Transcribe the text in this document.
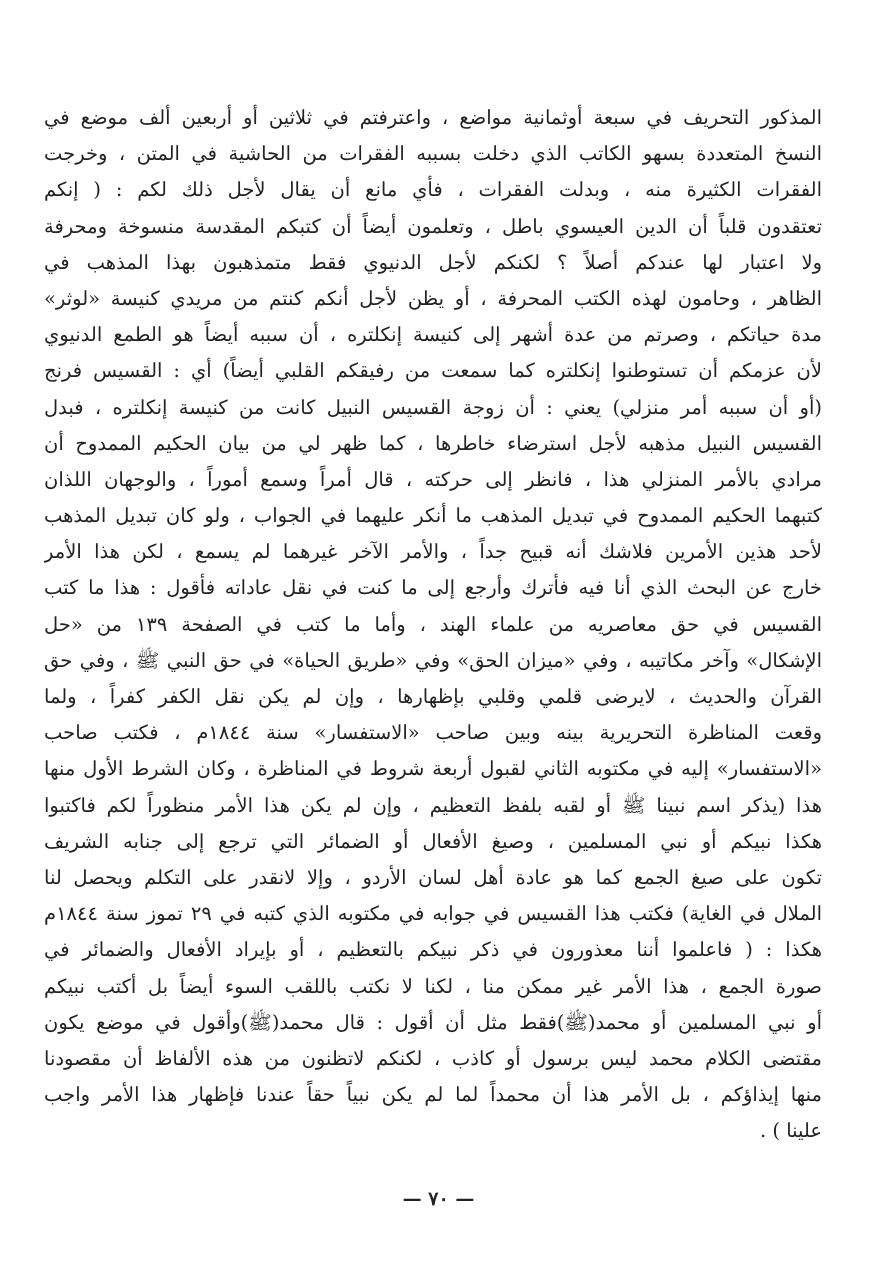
المذكور التحريف في سبعة أوثمانية مواضع ، واعترفتم في ثلاثين أو أربعين ألف موضع في
النسخ المتعددة بسهو الكاتب الذي دخلت بسببه الفقرات من الحاشية في المتن ، وخرجت
الفقرات الكثيرة منه ، وبدلت الفقرات ، فأي مانع أن يقال لأجل ذلك لكم : ( إنكم
تعتقدون قلباً أن الدين العيسوي باطل ، وتعلمون أيضاً أن كتبكم المقدسة منسوخة ومحرفة
ولا اعتبار لها عندكم أصلاً ؟ لكنكم لأجل الدنيوي فقط متمذهبون بهذا المذهب في
الظاهر ، وحامون لهذه الكتب المحرفة ، أو يظن لأجل أنكم كنتم من مريدي كنيسة «لوثر»
مدة حياتكم ، وصرتم من عدة أشهر إلى كنيسة إنكلتره ، أن سببه أيضاً هو الطمع الدنيوي
لأن عزمكم أن تستوطنوا إنكلتره كما سمعت من رفيقكم القلبي أيضاً) أي : القسيس فرنج
(أو أن سببه أمر منزلي) يعني : أن زوجة القسيس النبيل كانت من كنيسة إنكلتره ، فبدل
القسيس النبيل مذهبه لأجل استرضاء خاطرها ، كما ظهر لي من بيان الحكيم الممدوح أن
مرادي بالأمر المنزلي هذا ، فانظر إلى حركته ، قال أمراً وسمع أموراً ، والوجهان اللذان
كتبهما الحكيم الممدوح في تبديل المذهب ما أنكر عليهما في الجواب ، ولو كان تبديل المذهب
لأحد هذين الأمرين فلاشك أنه قبيح جداً ، والأمر الآخر غيرهما لم يسمع ، لكن هذا الأمر
خارج عن البحث الذي أنا فيه فأترك وأرجع إلى ما كنت في نقل عاداته فأقول : هذا ما كتب
القسيس في حق معاصريه من علماء الهند ، وأما ما كتب في الصفحة ١٣٩ من «حل
الإشكال» وآخر مكاتيبه ، وفي «ميزان الحق» وفي «طريق الحياة» في حق النبي ﷺ ، وفي حق
القرآن والحديث ، لايرضى قلمي وقلبي بإظهارها ، وإن لم يكن نقل الكفر كفراً ، ولما
وقعت المناظرة التحريرية بينه وبين صاحب «الاستفسار» سنة ١٨٤٤م ، فكتب صاحب
«الاستفسار» إليه في مكتوبه الثاني لقبول أربعة شروط في المناظرة ، وكان الشرط الأول منها
هذا (يذكر اسم نبينا ﷺ أو لقبه بلفظ التعظيم ، وإن لم يكن هذا الأمر منظوراً لكم فاكتبوا
هكذا نبيكم أو نبي المسلمين ، وصيغ الأفعال أو الضمائر التي ترجع إلى جنابه الشريف
تكون على صيغ الجمع كما هو عادة أهل لسان الأردو ، وإلا لانقدر على التكلم ويحصل لنا
الملال في الغاية) فكتب هذا القسيس في جوابه في مكتوبه الذي كتبه في ٢٩ تموز سنة ١٨٤٤م
هكذا : ( فاعلموا أننا معذورون في ذكر نبيكم بالتعظيم ، أو بإيراد الأفعال والضمائر في
صورة الجمع ، هذا الأمر غير ممكن منا ، لكنا لا نكتب باللقب السوء أيضاً بل أكتب نبيكم
أو نبي المسلمين أو محمد(ﷺ)فقط مثل أن أقول : قال محمد(ﷺ)وأقول في موضع يكون
مقتضى الكلام محمد ليس برسول أو كاذب ، لكنكم لاتظنون من هذه الألفاظ أن مقصودنا
منها إيذاؤكم ، بل الأمر هذا أن محمداً لما لم يكن نبياً حقاً عندنا فإظهار هذا الأمر واجب
علينا ) .
— ٧٠ —
